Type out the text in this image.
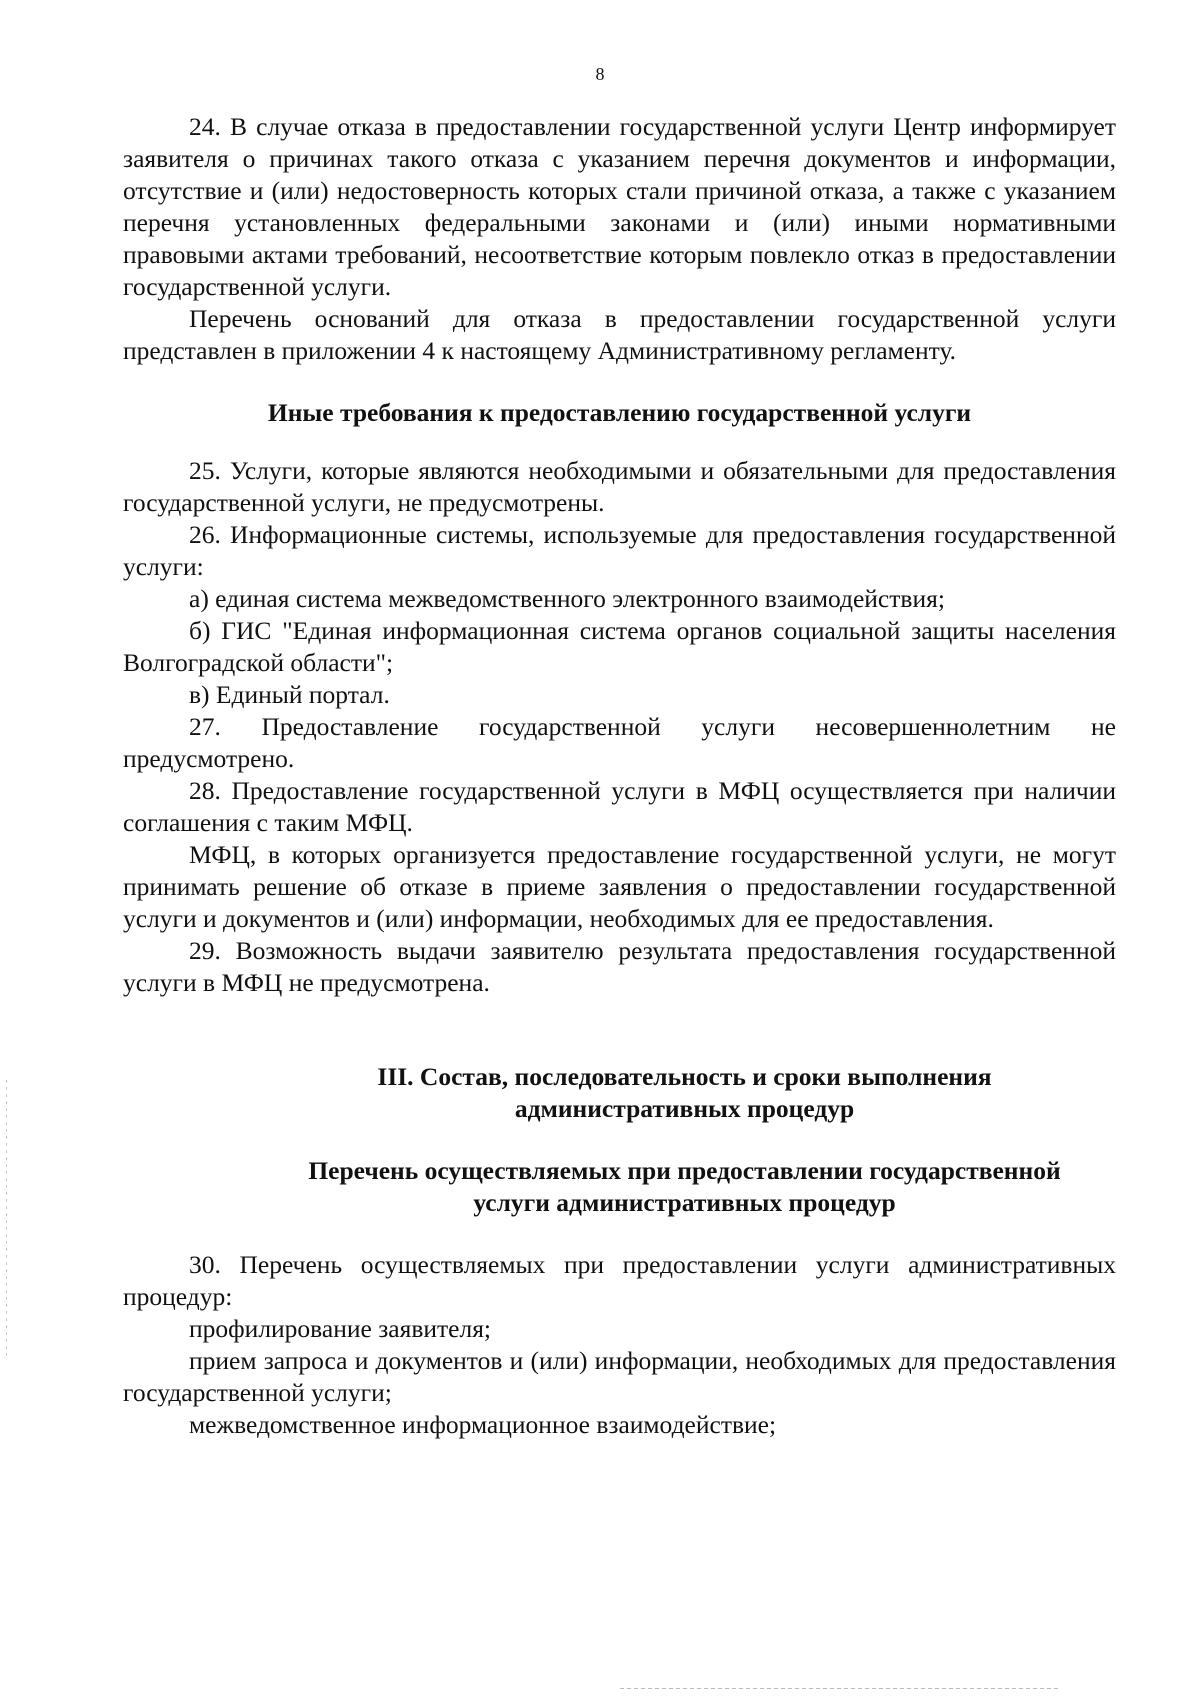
8

24. В случае отказа в предоставлении государственной услуги Центр информирует заявителя о причинах такого отказа с указанием перечня документов и информации, отсутствие и (или) недостоверность которых стали причиной отказа, а также с указанием перечня установленных федеральными законами и (или) иными нормативными правовыми актами требований, несоответствие которым повлекло отказ в предоставлении государственной услуги.

Перечень оснований для отказа в предоставлении государственной услуги представлен в приложении 4 к настоящему Административному регламенту.

Иные требования к предоставлению государственной услуги

25. Услуги, которые являются необходимыми и обязательными для предоставления государственной услуги, не предусмотрены.

26. Информационные системы, используемые для предоставления государственной услуги:

а) единая система межведомственного электронного взаимодействия;

б) ГИС "Единая информационная система органов социальной защиты населения Волгоградской области";

в) Единый портал.

27. Предоставление государственной услуги несовершеннолетним не предусмотрено.

28. Предоставление государственной услуги в МФЦ осуществляется при наличии соглашения с таким МФЦ.

МФЦ, в которых организуется предоставление государственной услуги, не могут принимать решение об отказе в приеме заявления о предоставлении государственной услуги и документов и (или) информации, необходимых для ее предоставления.

29. Возможность выдачи заявителю результата предоставления государственной услуги в МФЦ не предусмотрена.

III. Состав, последовательность и сроки выполнения
административных процедур
Перечень осуществляемых при предоставлении государственной
услуги административных процедур

30. Перечень осуществляемых при предоставлении услуги административных процедур:

профилирование заявителя;

прием запроса и документов и (или) информации, необходимых для предоставления государственной услуги;

межведомственное информационное взаимодействие;
